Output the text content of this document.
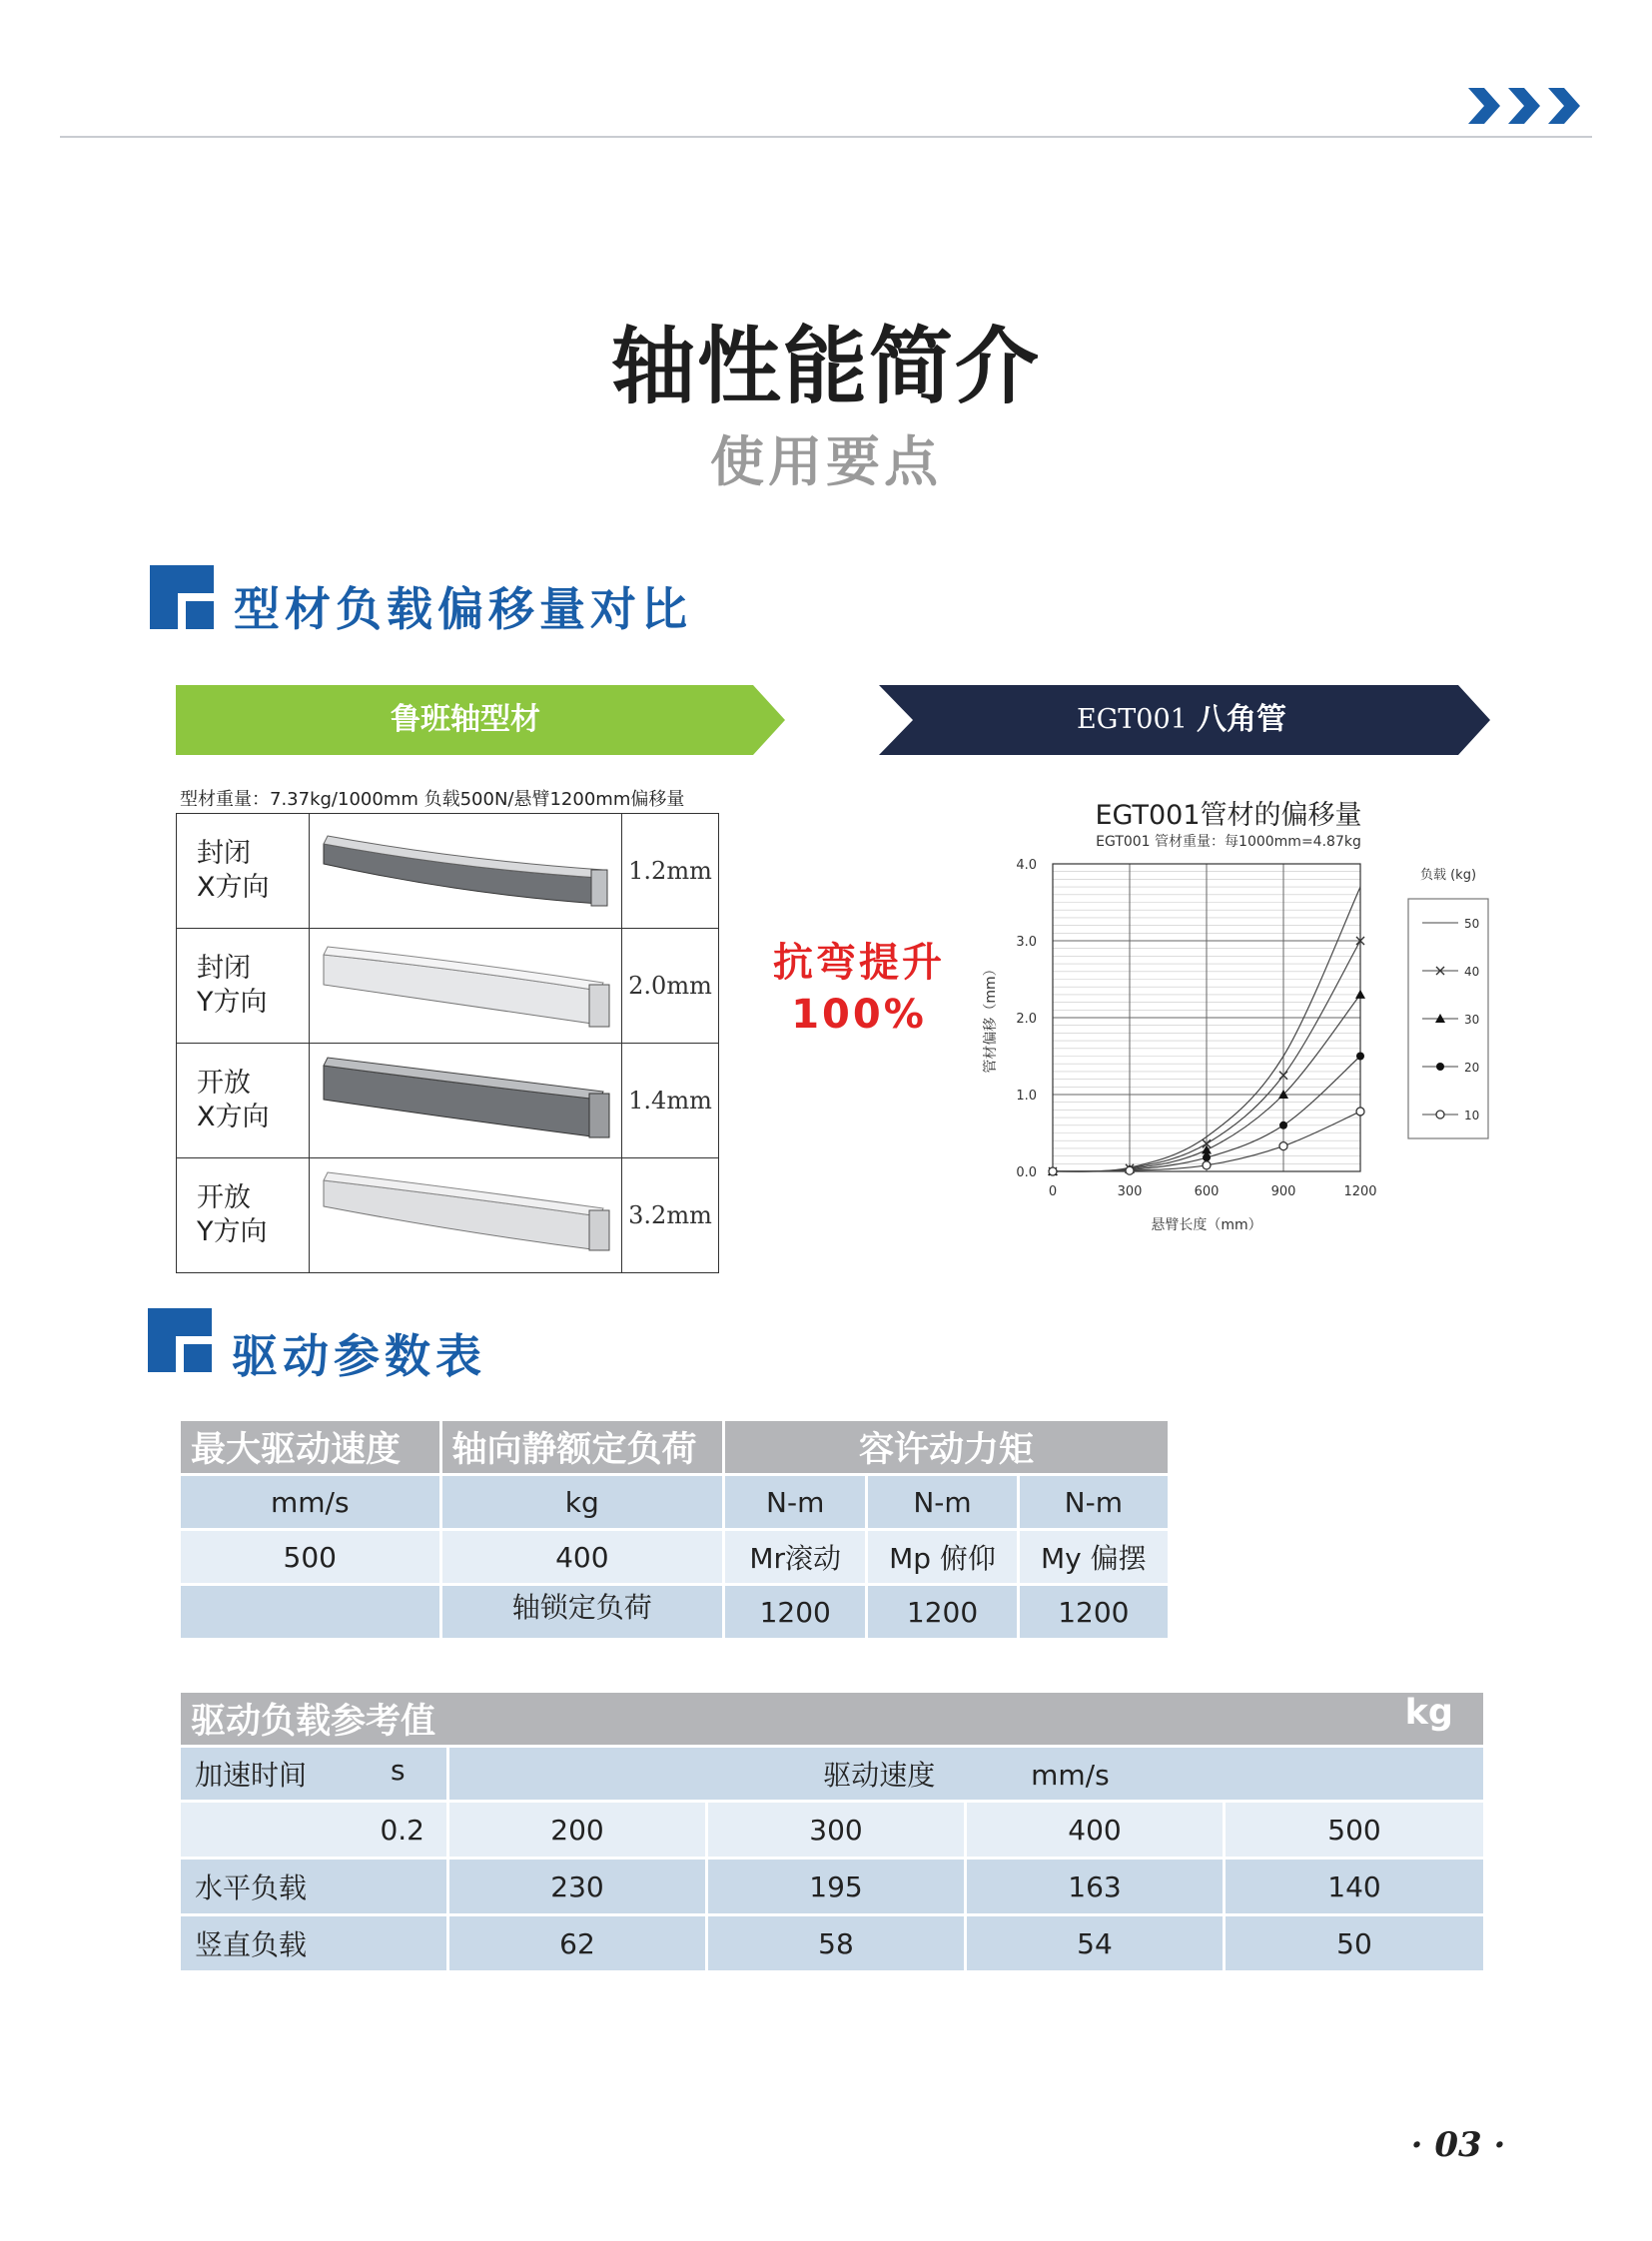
轴性能简介
使用要点
型材负载偏移量对比
鲁班轴型材	EGT001 八角管
型材重量：7.37kg/1000mm 负载500N/悬臂1200mm偏移量
封闭
X方向		1.2mm
封闭
Y方向		2.0mm
开放
X方向		1.4mm
开放
Y方向		3.2mm
抗弯提升
100%
EGT001管材的偏移量
EGT001 管材重量：每1000mm=4.87kg
0.0
1.0
2.0
3.0
4.0
0	300	600	900	1200
悬臂长度（mm）
管材偏移（mm）
负载 (kg)
50
40
30
20
10
驱动参数表
最大驱动速度	轴向静额定负荷	容许动力矩		
mm/s	kg	N-m	N-m	N-m
500	400	Mr滚动	Mp 俯仰	My 偏摆
	轴锁定负荷	1200	1200	1200
驱动负载参考值 kg				

加速时间 s	驱动速度 mm/s			
0.2	200	300	400	500
水平负载	230	195	163	140
竖直负载	62	58	54	50
· 03 ·
